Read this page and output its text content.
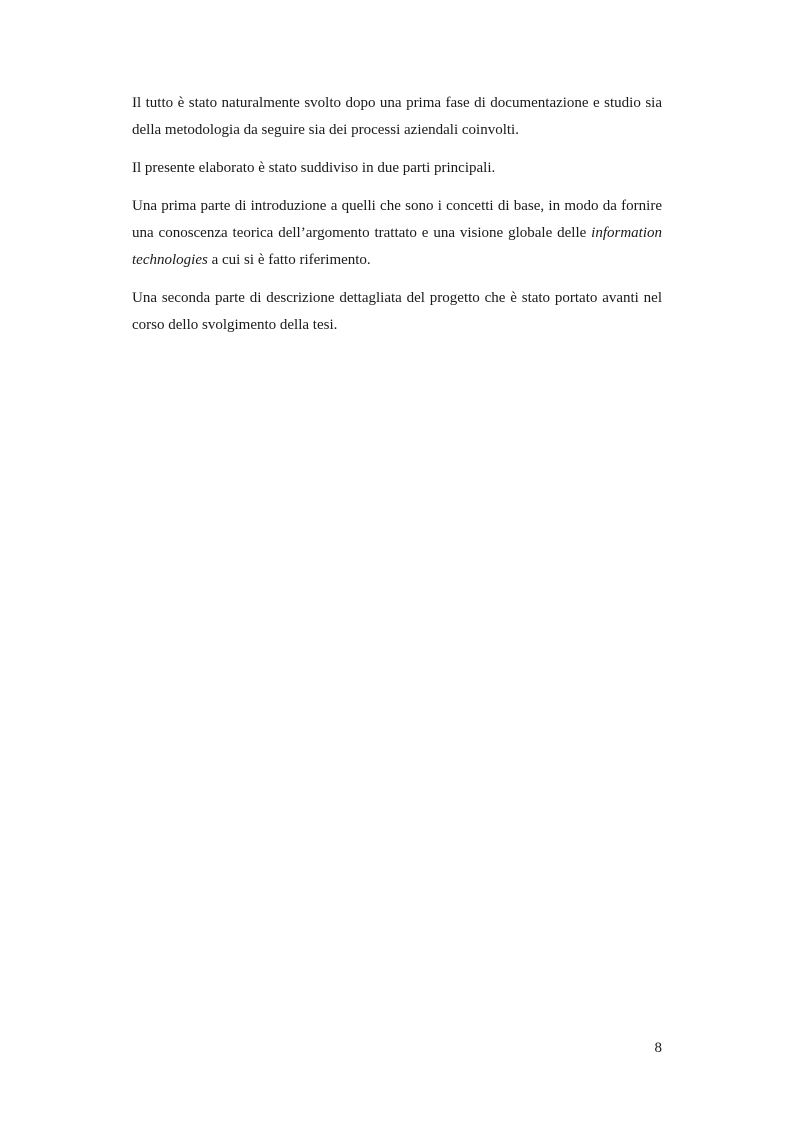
Il tutto è stato naturalmente svolto dopo una prima fase di documentazione e studio sia della metodologia da seguire sia dei processi aziendali coinvolti.

Il presente elaborato è stato suddiviso in due parti principali.

Una prima parte di introduzione a quelli che sono i concetti di base, in modo da fornire una conoscenza teorica dell’argomento trattato e una visione globale delle information technologies a cui si è fatto riferimento.

Una seconda parte di descrizione dettagliata del progetto che è stato portato avanti nel corso dello svolgimento della tesi.

8
